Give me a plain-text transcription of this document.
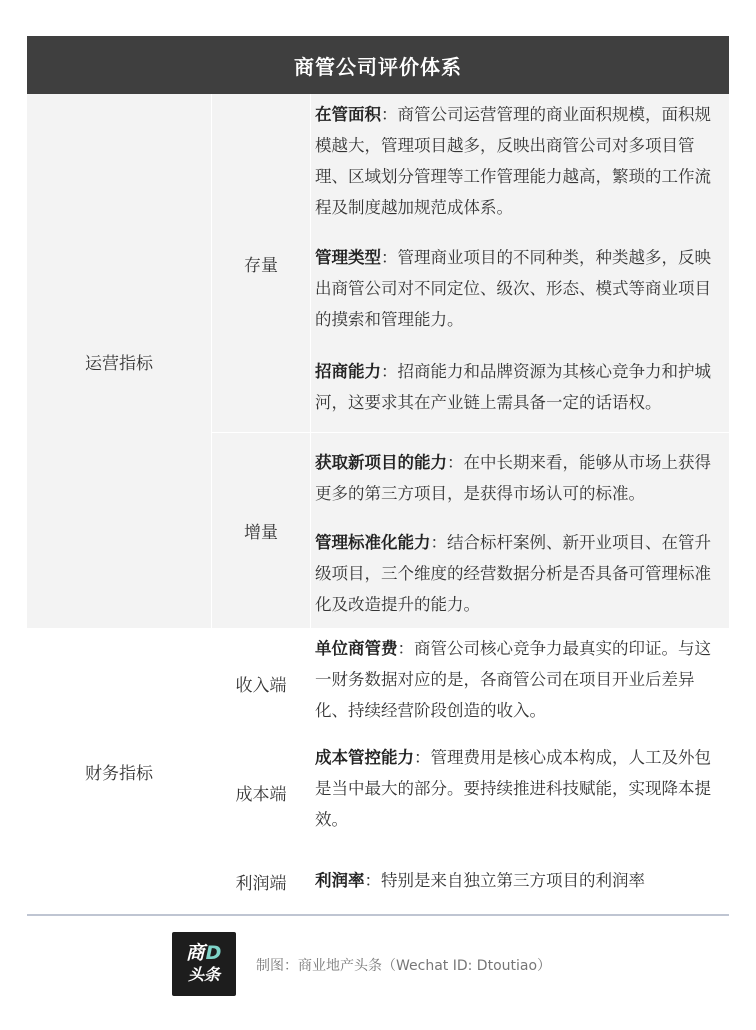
商管公司评价体系
运营指标
存量
增量

在管面积：商管公司运营管理的商业面积规模，面积规模越大，管理项目越多，反映出商管公司对多项目管理、区域划分管理等工作管理能力越高，繁琐的工作流程及制度越加规范成体系。

管理类型：管理商业项目的不同种类，种类越多，反映出商管公司对不同定位、级次、形态、模式等商业项目的摸索和管理能力。

招商能力：招商能力和品牌资源为其核心竞争力和护城河，这要求其在产业链上需具备一定的话语权。

获取新项目的能力：在中长期来看，能够从市场上获得更多的第三方项目，是获得市场认可的标准。

管理标准化能力：结合标杆案例、新开业项目、在管升级项目，三个维度的经营数据分析是否具备可管理标准化及改造提升的能力。

财务指标
收入端
成本端
利润端

单位商管费：商管公司核心竞争力最真实的印证。与这一财务数据对应的是，各商管公司在项目开业后差异化、持续经营阶段创造的收入。

成本管控能力：管理费用是核心成本构成，人工及外包是当中最大的部分。要持续推进科技赋能，实现降本提效。

利润率：特别是来自独立第三方项目的利润率

商D
头条	制图：商业地产头条（Wechat ID: Dtoutiao）
